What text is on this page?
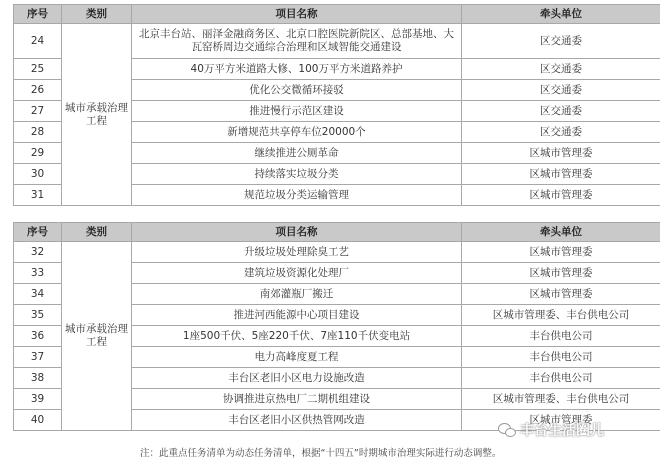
序号	类别	项目名称	牵头单位
24	城市承载治理工程	北京丰台站、丽泽金融商务区、北京口腔医院新院区、总部基地、大瓦窑桥周边交通综合治理和区域智能交通建设	区交通委
25		40万平方米道路大修、100万平方米道路养护	区交通委
26		优化公交微循环接驳	区交通委
27		推进慢行示范区建设	区交通委
28		新增规范共享停车位20000个	区交通委
29		继续推进公厕革命	区城市管理委
30		持续落实垃圾分类	区城市管理委
31		规范垃圾分类运输管理	区城市管理委
序号	类别	项目名称	牵头单位
32	城市承载治理工程	升级垃圾处理除臭工艺	区城市管理委
33		建筑垃圾资源化处理厂	区城市管理委
34		南郊灌瓶厂搬迁	区城市管理委
35		推进河西能源中心项目建设	区城市管理委、丰台供电公司
36		1座500千伏、5座220千伏、7座110千伏变电站	丰台供电公司
37		电力高峰度夏工程	丰台供电公司
38		丰台区老旧小区电力设施改造	丰台供电公司
39		协调推进京热电厂二期机组建设	区城市管理委、丰台供电公司
40		丰台区老旧小区供热管网改造	区城市管理委
丰台生活圈儿
注：此重点任务清单为动态任务清单，根据“十四五”时期城市治理实际进行动态调整。
